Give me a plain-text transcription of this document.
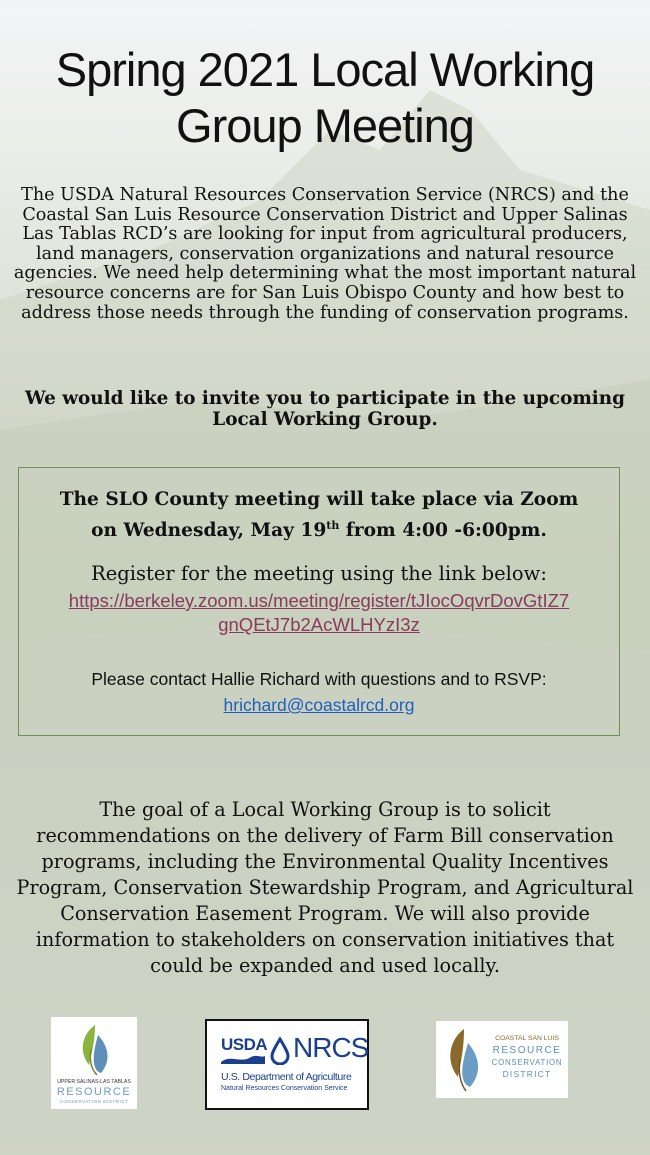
Spring 2021 Local Working Group Meeting

The USDA Natural Resources Conservation Service (NRCS) and the Coastal San Luis Resource Conservation District and Upper Salinas Las Tablas RCD’s are looking for input from agricultural producers, land managers, conservation organizations and natural resource agencies. We need help determining what the most important natural resource concerns are for San Luis Obispo County and how best to address those needs through the funding of conservation programs.

We would like to invite you to participate in the upcoming Local Working Group.

The SLO County meeting will take place via Zoom
on Wednesday, May 19th from 4:00 -6:00pm.

Register for the meeting using the link below:

https://berkeley.zoom.us/meeting/register/tJIocOqvrDovGtIZ7
gnQEtJ7b2AcWLHYzI3z

Please contact Hallie Richard with questions and to RSVP:
hrichard@coastalrcd.org

The goal of a Local Working Group is to solicit recommendations on the delivery of Farm Bill conservation programs, including the Environmental Quality Incentives Program, Conservation Stewardship Program, and Agricultural Conservation Easement Program. We will also provide information to stakeholders on conservation initiatives that could be expanded and used locally.

UPPER SALINAS-LAS TABLAS
RESOURCE
CONSERVATION DISTRICT
USDA NRCS
U.S. Department of Agriculture
Natural Resources Conservation Service
COASTAL SAN LUIS
RESOURCE
CONSERVATION
DISTRICT
